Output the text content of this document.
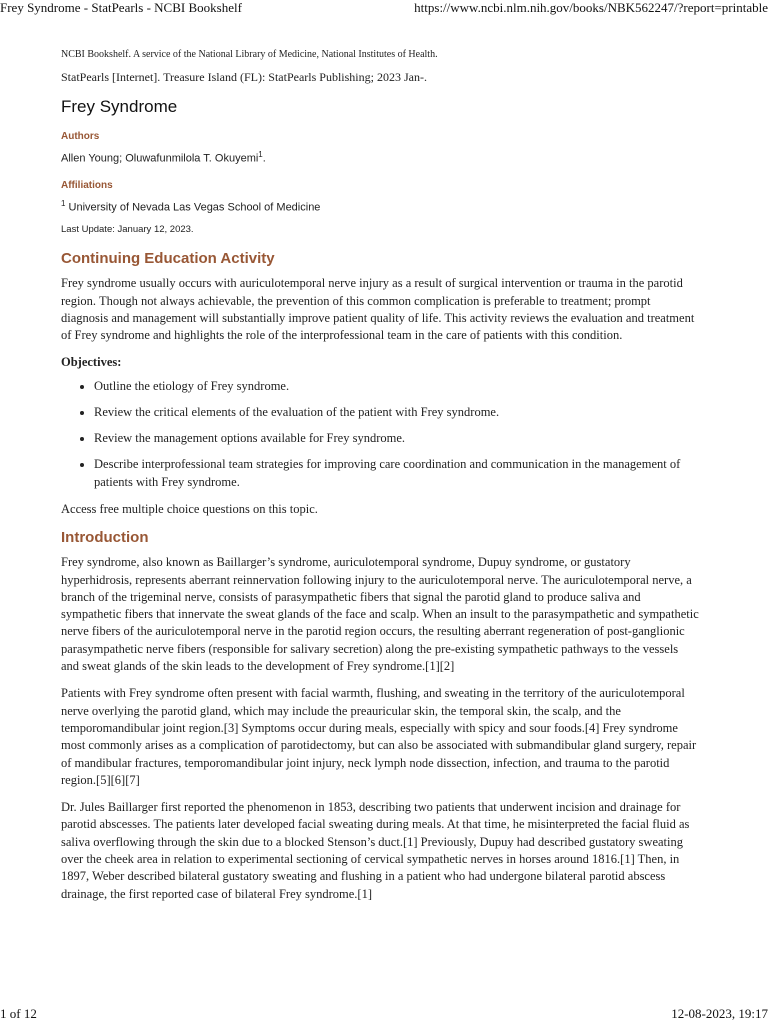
Frey Syndrome - StatPearls - NCBI Bookshelf	https://www.ncbi.nlm.nih.gov/books/NBK562247/?report=printable

NCBI Bookshelf. A service of the National Library of Medicine, National Institutes of Health.

StatPearls [Internet]. Treasure Island (FL): StatPearls Publishing; 2023 Jan-.

Frey Syndrome
Authors
Allen Young; Oluwafunmilola T. Okuyemi$^1$.
Affiliations
$^1$ University of Nevada Las Vegas School of Medicine
Last Update: January 12, 2023.
Continuing Education Activity

Frey syndrome usually occurs with auriculotemporal nerve injury as a result of surgical intervention or trauma in the parotid region. Though not always achievable, the prevention of this common complication is preferable to treatment; prompt diagnosis and management will substantially improve patient quality of life. This activity reviews the evaluation and treatment of Frey syndrome and highlights the role of the interprofessional team in the care of patients with this condition.

Objectives:

• Outline the etiology of Frey syndrome.
• Review the critical elements of the evaluation of the patient with Frey syndrome.
• Review the management options available for Frey syndrome.
• Describe interprofessional team strategies for improving care coordination and communication in the management of patients with Frey syndrome.

Access free multiple choice questions on this topic.

Introduction

Frey syndrome, also known as Baillarger’s syndrome, auriculotemporal syndrome, Dupuy syndrome, or gustatory hyperhidrosis, represents aberrant reinnervation following injury to the auriculotemporal nerve. The auriculotemporal nerve, a branch of the trigeminal nerve, consists of parasympathetic fibers that signal the parotid gland to produce saliva and sympathetic fibers that innervate the sweat glands of the face and scalp. When an insult to the parasympathetic and sympathetic nerve fibers of the auriculotemporal nerve in the parotid region occurs, the resulting aberrant regeneration of post-ganglionic parasympathetic nerve fibers (responsible for salivary secretion) along the pre-existing sympathetic pathways to the vessels and sweat glands of the skin leads to the development of Frey syndrome.[1][2]

Patients with Frey syndrome often present with facial warmth, flushing, and sweating in the territory of the auriculotemporal nerve overlying the parotid gland, which may include the preauricular skin, the temporal skin, the scalp, and the temporomandibular joint region.[3] Symptoms occur during meals, especially with spicy and sour foods.[4] Frey syndrome most commonly arises as a complication of parotidectomy, but can also be associated with submandibular gland surgery, repair of mandibular fractures, temporomandibular joint injury, neck lymph node dissection, infection, and trauma to the parotid region.[5][6][7]

Dr. Jules Baillarger first reported the phenomenon in 1853, describing two patients that underwent incision and drainage for parotid abscesses. The patients later developed facial sweating during meals. At that time, he misinterpreted the facial fluid as saliva overflowing through the skin due to a blocked Stenson’s duct.[1] Previously, Dupuy had described gustatory sweating over the cheek area in relation to experimental sectioning of cervical sympathetic nerves in horses around 1816.[1] Then, in 1897, Weber described bilateral gustatory sweating and flushing in a patient who had undergone bilateral parotid abscess drainage, the first reported case of bilateral Frey syndrome.[1]

1 of 12	12-08-2023, 19:17
